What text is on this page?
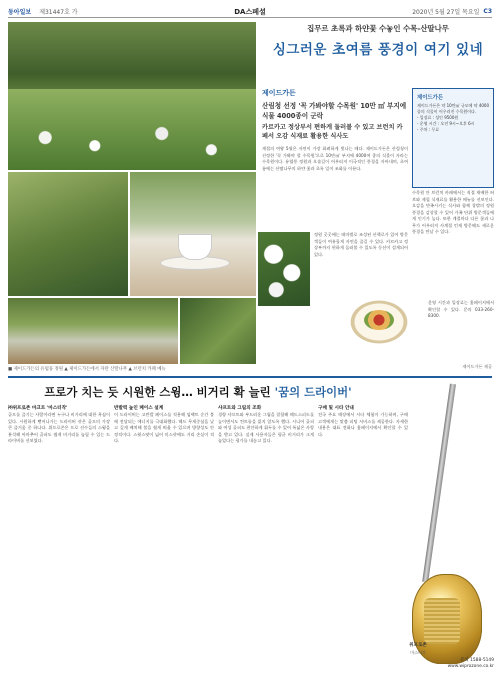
동아일보 제31447호 가	DA스페셜	2020년 5월 27일 목요일 C3
집무르 초록과 하얀꽃 수놓인 수목-산딸나무
싱그러운 초여름 풍경이 여기 있네
제이드가든
산림청 선정 '꼭 가봐야할 수목원' 10만 ㎡ 부지에 식물 4000종이 군락
카르카고 정상부서 편하게 둘러볼 수 있고 브런치 카페서 오감 식재료 활용한 식사도
계절의 여왕 5월은 자연이 가장 화려하게 빛나는 때다. 제이드가든은 산림청이 선정한 '꼭 가봐야 할 수목원'으로 10만㎡ 부지에 4000여 종의 식물이 자라는 수목원이다. 유럽풍 정원과 오솔길이 어우러져 이국적인 풍경을 자아내며, 초여름에는 산딸나무의 하얀 꽃과 초록 잎이 조화를 이룬다.
정원 곳곳에는 테마별로 조성된 산책로가 있어 방문객들이 여유롭게 자연을 즐길 수 있다. 카르카고 정상부까지 편하게 둘러볼 수 있도록 동선이 설계되어 있다.
수목원 안 브런치 카페에서는 직접 재배한 허브와 제철 식재료를 활용한 메뉴를 선보인다. 오감을 만족시키는 식사와 함께 창밖의 정원 풍경을 감상할 수 있어 가족 단위 방문객들에게 인기가 높다. 또한 계절마다 다른 꽃과 나무가 어우러져 사계절 언제 방문해도 새로운 풍경을 만날 수 있다.
운영 시간과 입장료는 홈페이지에서 확인할 수 있다. 문의 033-260-8300.
제이드가든
제이드가든은 약 10만㎡ 규모에 약 4000종의 식물이 어우러진 수목원이다.
- 입장료 : 성인 9500원
- 운영 시간 : 오전 9시~오후 6시
- 주차 : 무료
■ 제이드가든의 유럽풍 정원 ▲ 제이드가든에서 자란 산딸나무 ▲ 브런치 카페 메뉴
제이드가든 제공
프로가 치는 듯 시원한 스윙… 비거리 확 늘린 '꿈의 드라이버'
㈜위프로존 마크트 '마스터작'
골프를 즐기는 사람이라면 누구나 비거리에 대한 욕심이 있다. 시원하게 뻗어나가는 드라이버 샷은 골프의 가장 큰 즐거움 중 하나다. 위프로존은 프로 선수들의 스윙을 분석해 아마추어 골퍼도 쉽게 비거리를 늘릴 수 있는 드라이버를 선보였다.
반발력 높인 페이스 설계
이 드라이버는 고반발 페이스를 적용해 임팩트 순간 볼에 전달되는 에너지를 극대화했다. 헤드 무게중심을 낮고 깊게 배치해 볼을 쉽게 띄울 수 있으며 방향성도 안정적이다. 스윗스팟이 넓어 미스샷에도 거리 손실이 적다.
샤프트와 그립의 조화
경량 샤프트와 부드러운 그립을 결합해 헤드스피드를 높이면서도 컨트롤을 잃지 않도록 했다. 시니어 골퍼와 여성 골퍼도 편안하게 휘두를 수 있어 폭넓은 사랑을 받고 있다. 실제 사용자들은 평균 비거리가 크게 늘었다는 평가를 내놓고 있다.
구매 및 시타 안내
전국 주요 매장에서 시타 체험이 가능하며, 구매 고객에게는 맞춤 피팅 서비스를 제공한다. 자세한 내용은 대표 전화나 홈페이지에서 확인할 수 있다.
위프로존
마스터작
문의 1588-5149
www.wiprozone.co.kr
